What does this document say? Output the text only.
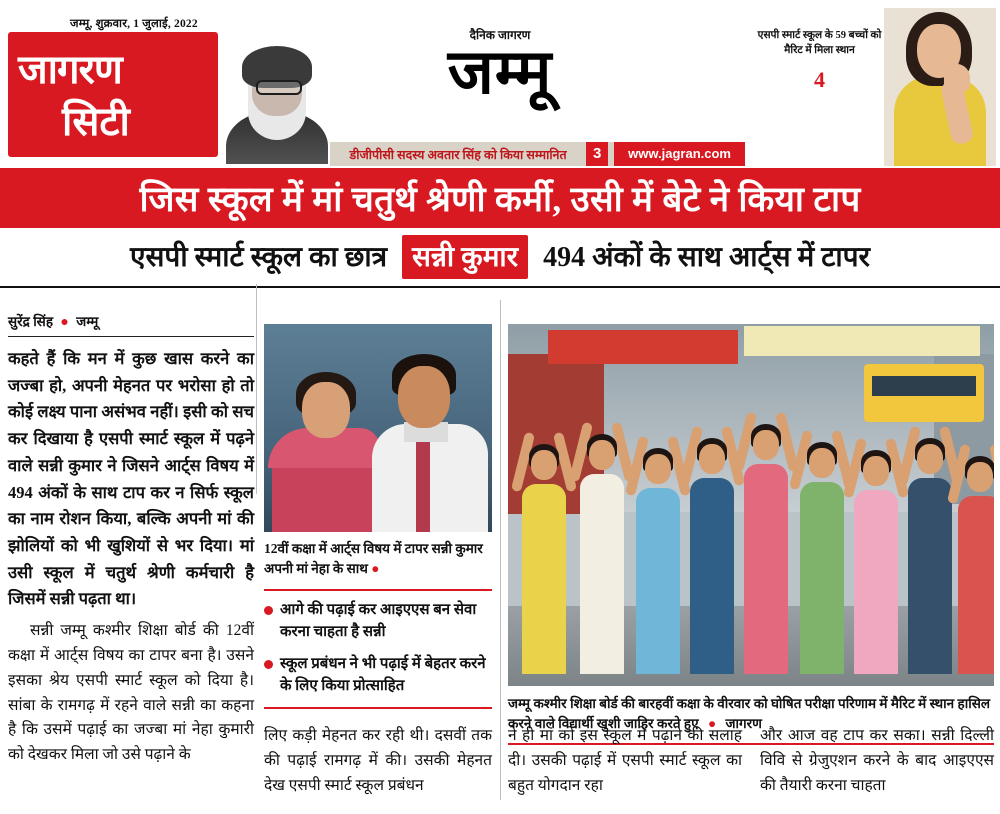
जम्मू, शुक्रवार, 1 जुलाई, 2022
जागरण
सिटी
दैनिक जागरण
जम्मू
एसपी स्मार्ट स्कूल के 59 बच्चों को मैरिट में मिला स्थान
4
डीजीपीसी सदस्य अवतार सिंह को किया सम्मानित	3	www.jagran.com
जिस स्कूल में मां चतुर्थ श्रेणी कर्मी, उसी में बेटे ने किया टाप
एसपी स्मार्ट स्कूल का छात्र सन्नी कुमार 494 अंकों के साथ आर्ट्स में टापर
सुरेंद्र सिंह ● जम्मू
कहते हैं कि मन में कुछ खास करने का जज्बा हो, अपनी मेहनत पर भरोसा हो तो कोई लक्ष्य पाना असंभव नहीं। इसी को सच कर दिखाया है एसपी स्मार्ट स्कूल में पढ़ने वाले सन्नी कुमार ने जिसने आर्ट्स विषय में 494 अंकों के साथ टाप कर न सिर्फ स्कूल का नाम रोशन किया, बल्कि अपनी मां की झोलियों को भी खुशियों से भर दिया। मां उसी स्कूल में चतुर्थ श्रेणी कर्मचारी है जिसमें सन्नी पढ़ता था।
सन्नी जम्मू कश्मीर शिक्षा बोर्ड की 12वीं कक्षा में आर्ट्स विषय का टापर बना है। उसने इसका श्रेय एसपी स्मार्ट स्कूल को दिया है। सांबा के रामगढ़ में रहने वाले सन्नी का कहना है कि उसमें पढ़ाई का जज्बा मां नेहा कुमारी को देखकर मिला जो उसे पढ़ाने के
12वीं कक्षा में आर्ट्स विषय में टापर सन्नी कुमार अपनी मां नेहा के साथ ●
आगे की पढ़ाई कर आइएएस बन सेवा करना चाहता है सन्नी
स्कूल प्रबंधन ने भी पढ़ाई में बेहतर करने के लिए किया प्रोत्साहित
लिए कड़ी मेहनत कर रही थी। दसवीं तक की पढ़ाई रामगढ़ में की। उसकी मेहनत देख एसपी स्मार्ट स्कूल प्रबंधन
जम्मू कश्मीर शिक्षा बोर्ड की बारहवीं कक्षा के वीरवार को घोषित परीक्षा परिणाम में मैरिट में स्थान हासिल करने वाले विद्यार्थी खुशी जाहिर करते हुए ● जागरण
ने ही मां को इस स्कूल में पढ़ाने की सलाह दी। उसकी पढ़ाई में एसपी स्मार्ट स्कूल का बहुत योगदान रहा
और आज वह टाप कर सका। सन्नी दिल्ली विवि से ग्रेजुएशन करने के बाद आइएएस की तैयारी करना चाहता
